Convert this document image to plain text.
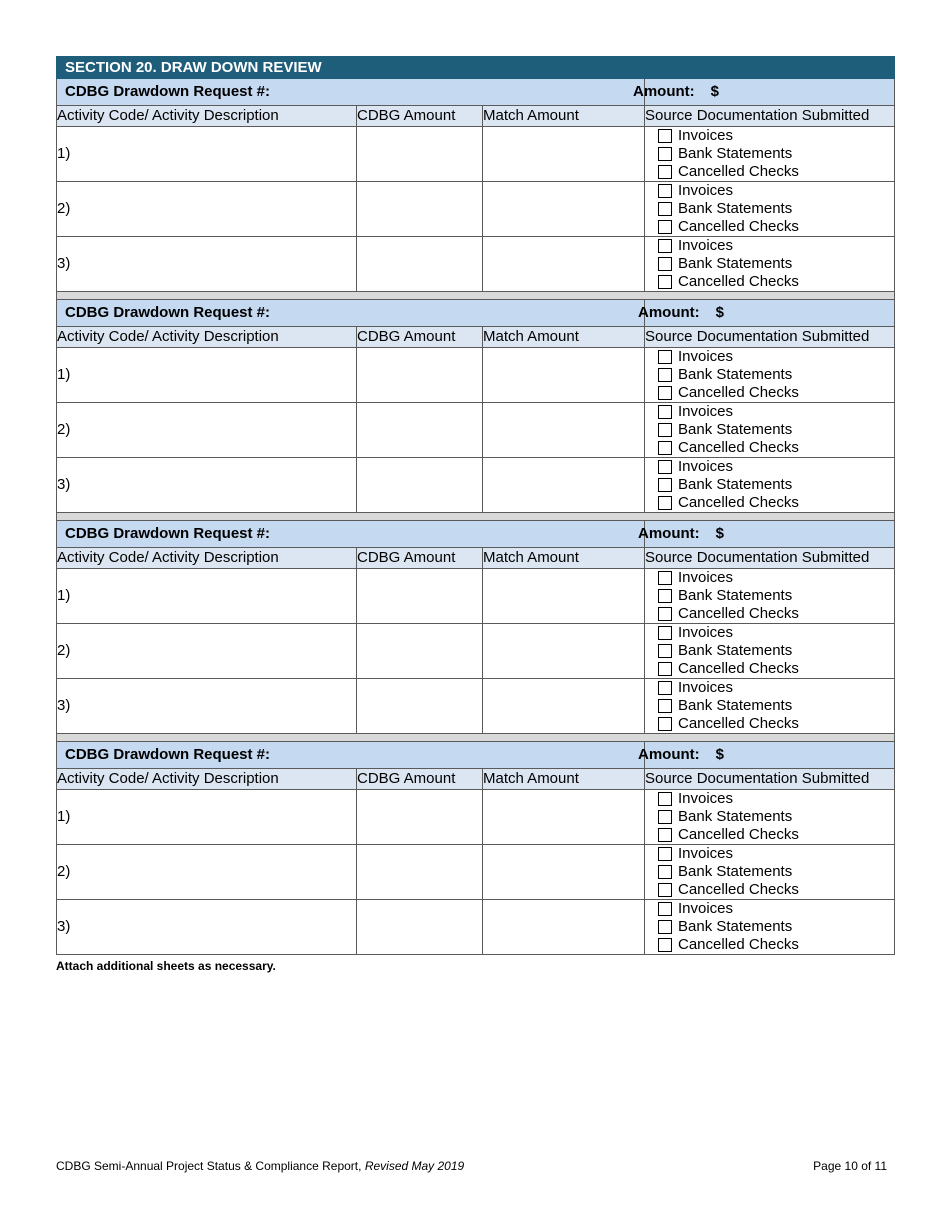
SECTION 20. DRAW DOWN REVIEW			
CDBG Drawdown Request #:			Amount: $
Activity Code/ Activity Description	CDBG Amount	Match Amount	Source Documentation Submitted
1)			Invoices
Bank Statements
Cancelled Checks

2)			Invoices
Bank Statements
Cancelled Checks

3)			Invoices
Bank Statements
Cancelled Checks

CDBG Drawdown Request #:			Amount: $
Activity Code/ Activity Description	CDBG Amount	Match Amount	Source Documentation Submitted
1)			Invoices
Bank Statements
Cancelled Checks

2)			Invoices
Bank Statements
Cancelled Checks

3)			Invoices
Bank Statements
Cancelled Checks

CDBG Drawdown Request #:			Amount: $
Activity Code/ Activity Description	CDBG Amount	Match Amount	Source Documentation Submitted
1)			Invoices
Bank Statements
Cancelled Checks

2)			Invoices
Bank Statements
Cancelled Checks

3)			Invoices
Bank Statements
Cancelled Checks

CDBG Drawdown Request #:			Amount: $
Activity Code/ Activity Description	CDBG Amount	Match Amount	Source Documentation Submitted
1)			Invoices
Bank Statements
Cancelled Checks

2)			Invoices
Bank Statements
Cancelled Checks

3)			Invoices
Bank Statements
Cancelled Checks
Attach additional sheets as necessary.
CDBG Semi-Annual Project Status & Compliance Report, Revised May 2019	Page 10 of 11
